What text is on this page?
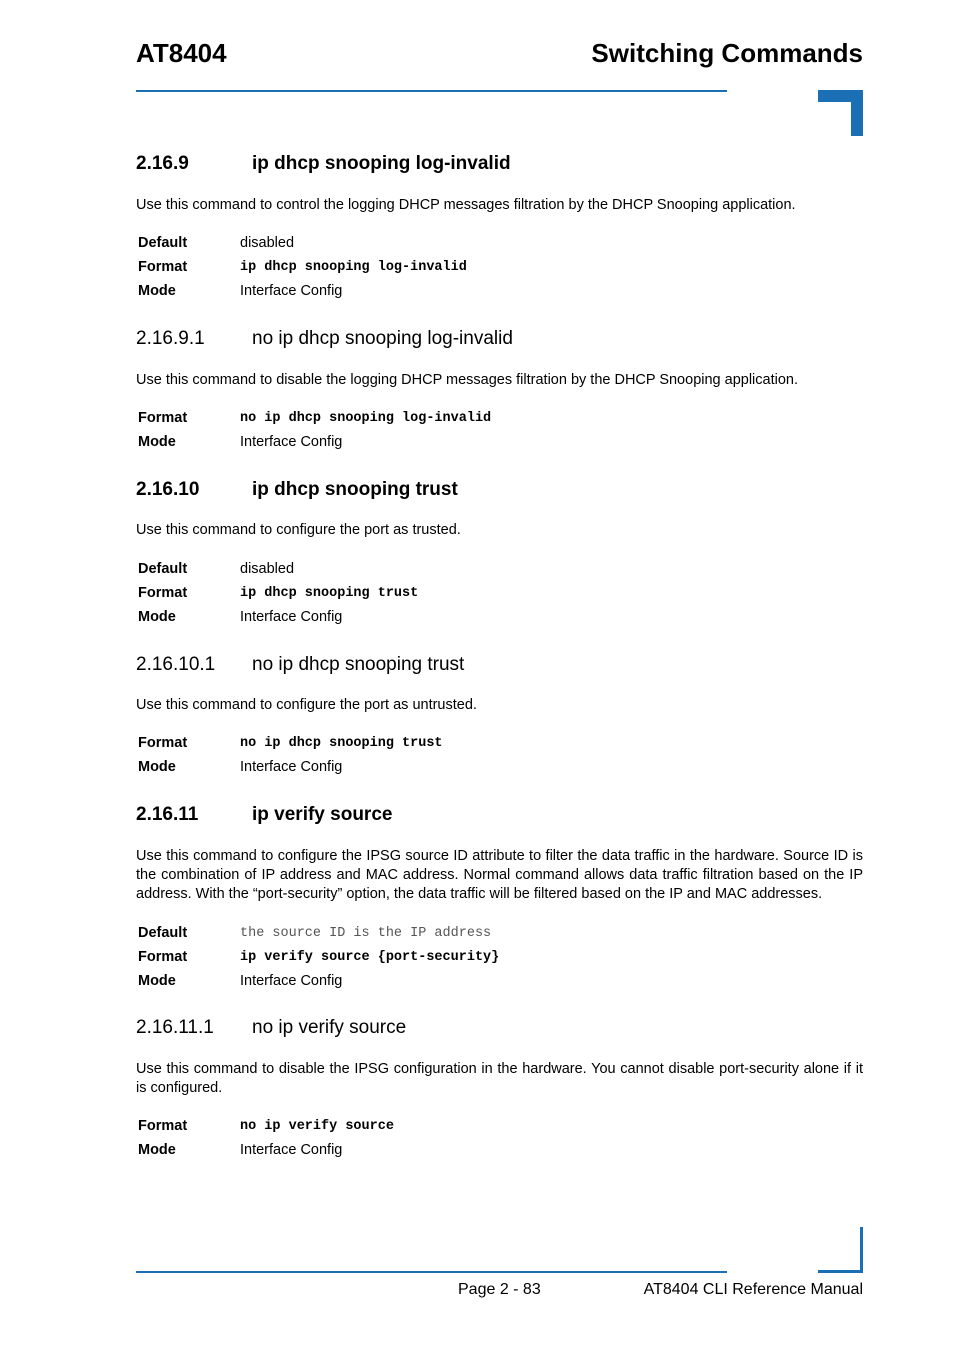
AT8404	Switching Commands
2.16.9	ip dhcp snooping log-invalid

Use this command to control the logging DHCP messages filtration by the DHCP Snooping application.

Default	disabled
Format	ip dhcp snooping log-invalid
Mode	Interface Config
2.16.9.1	no ip dhcp snooping log-invalid

Use this command to disable the logging DHCP messages filtration by the DHCP Snooping application.

Format	no ip dhcp snooping log-invalid
Mode	Interface Config
2.16.10	ip dhcp snooping trust

Use this command to configure the port as trusted.

Default	disabled
Format	ip dhcp snooping trust
Mode	Interface Config
2.16.10.1	no ip dhcp snooping trust

Use this command to configure the port as untrusted.

Format	no ip dhcp snooping trust
Mode	Interface Config
2.16.11	ip verify source

Use this command to configure the IPSG source ID attribute to filter the data traffic in the hardware. Source ID is the combination of IP address and MAC address. Normal command allows data traffic filtration based on the IP address. With the “port-security” option, the data traffic will be filtered based on the IP and MAC addresses.

Default	the source ID is the IP address
Format	ip verify source {port-security}
Mode	Interface Config
2.16.11.1	no ip verify source

Use this command to disable the IPSG configuration in the hardware. You cannot disable port-security alone if it is configured.

Format	no ip verify source
Mode	Interface Config
Page 2 - 83	AT8404 CLI Reference Manual
